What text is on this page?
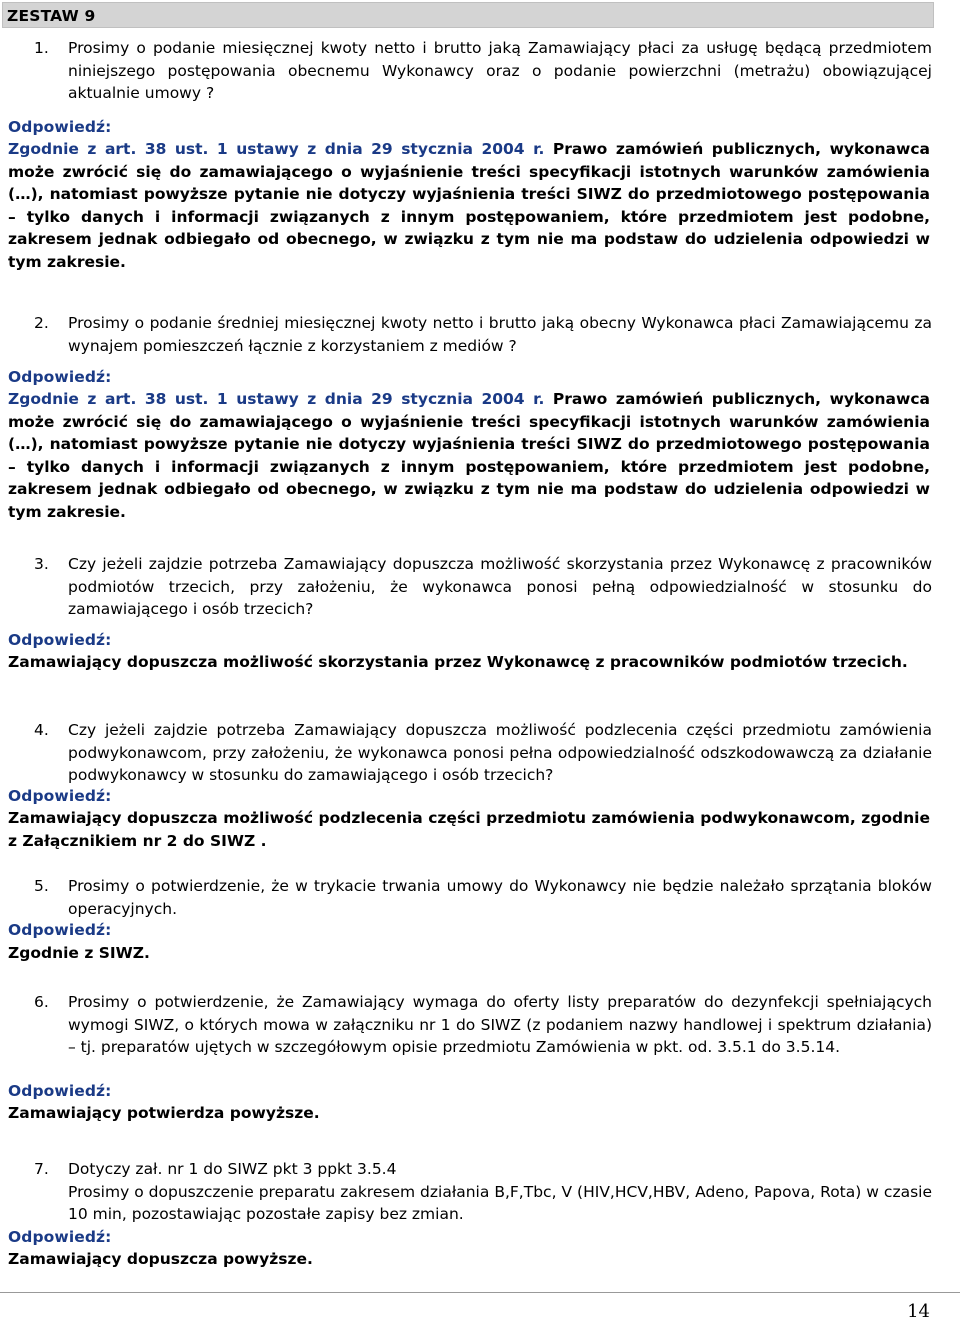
ZESTAW 9
1. Prosimy o podanie miesięcznej kwoty netto i brutto jaką Zamawiający płaci za usługę będącą przedmiotem niniejszego postępowania obecnemu Wykonawcy oraz o podanie powierzchni (metrażu) obowiązującej aktualnie umowy ?

Odpowiedź:
Zgodnie z art. 38 ust. 1 ustawy z dnia 29 stycznia 2004 r. Prawo zamówień publicznych, wykonawca może zwrócić się do zamawiającego o wyjaśnienie treści specyfikacji istotnych warunków zamówienia (…), natomiast powyższe pytanie nie dotyczy wyjaśnienia treści SIWZ do przedmiotowego postępowania – tylko danych i informacji związanych z innym postępowaniem, które przedmiotem jest podobne, zakresem jednak odbiegało od obecnego, w związku z tym nie ma podstaw do udzielenia odpowiedzi w tym zakresie.
2. Prosimy o podanie średniej miesięcznej kwoty netto i brutto jaką obecny Wykonawca płaci Zamawiającemu za wynajem pomieszczeń łącznie z korzystaniem z mediów ?

Odpowiedź:
Zgodnie z art. 38 ust. 1 ustawy z dnia 29 stycznia 2004 r. Prawo zamówień publicznych, wykonawca może zwrócić się do zamawiającego o wyjaśnienie treści specyfikacji istotnych warunków zamówienia (…), natomiast powyższe pytanie nie dotyczy wyjaśnienia treści SIWZ do przedmiotowego postępowania – tylko danych i informacji związanych z innym postępowaniem, które przedmiotem jest podobne, zakresem jednak odbiegało od obecnego, w związku z tym nie ma podstaw do udzielenia odpowiedzi w tym zakresie.
3. Czy jeżeli zajdzie potrzeba Zamawiający dopuszcza możliwość skorzystania przez Wykonawcę z pracowników podmiotów trzecich, przy założeniu, że wykonawca ponosi pełną odpowiedzialność w stosunku do zamawiającego i osób trzecich?

Odpowiedź:
Zamawiający dopuszcza możliwość skorzystania przez Wykonawcę z pracowników podmiotów trzecich.
4. Czy jeżeli zajdzie potrzeba Zamawiający dopuszcza możliwość podzlecenia części przedmiotu zamówienia podwykonawcom, przy założeniu, że wykonawca ponosi pełna odpowiedzialność odszkodowawczą za działanie podwykonawcy w stosunku do zamawiającego i osób trzecich?

Odpowiedź:
Zamawiający dopuszcza możliwość podzlecenia części przedmiotu zamówienia podwykonawcom, zgodnie z Załącznikiem nr 2 do SIWZ .
5. Prosimy o potwierdzenie, że w trykacie trwania umowy do Wykonawcy nie będzie należało sprzątania bloków operacyjnych.

Odpowiedź:
Zgodnie z SIWZ.
6. Prosimy o potwierdzenie, że Zamawiający wymaga do oferty listy preparatów do dezynfekcji spełniających wymogi SIWZ, o których mowa w załączniku nr 1 do SIWZ (z podaniem nazwy handlowej i spektrum działania) – tj. preparatów ujętych w szczegółowym opisie przedmiotu Zamówienia w pkt. od. 3.5.1 do 3.5.14.

Odpowiedź:
Zamawiający potwierdza powyższe.
7. Dotyczy zał. nr 1 do SIWZ pkt 3 ppkt 3.5.4

Prosimy o dopuszczenie preparatu zakresem działania B,F,Tbc, V (HIV,HCV,HBV, Adeno, Papova, Rota) w czasie 10 min, pozostawiając pozostałe zapisy bez zmian.

Odpowiedź:
Zamawiający dopuszcza powyższe.
14
